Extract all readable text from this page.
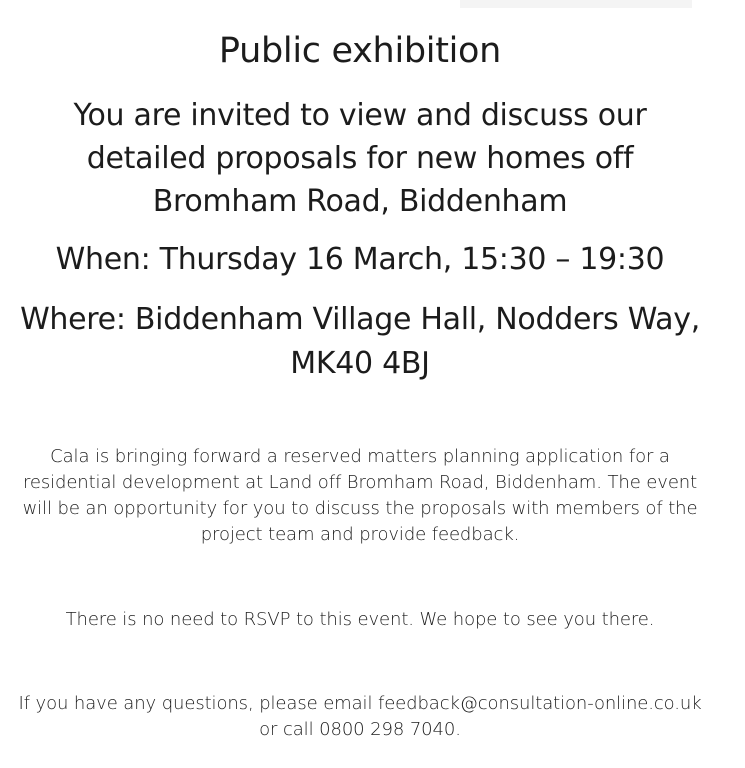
Public exhibition

You are invited to view and discuss our detailed proposals for new homes off Bromham Road, Biddenham

When: Thursday 16 March, 15:30 – 19:30

Where: Biddenham Village Hall, Nodders Way, MK40 4BJ

Cala is bringing forward a reserved matters planning application for a residential development at Land off Bromham Road, Biddenham. The event will be an opportunity for you to discuss the proposals with members of the project team and provide feedback.

There is no need to RSVP to this event. We hope to see you there.

If you have any questions, please email feedback@consultation-online.co.uk or call 0800 298 7040.
